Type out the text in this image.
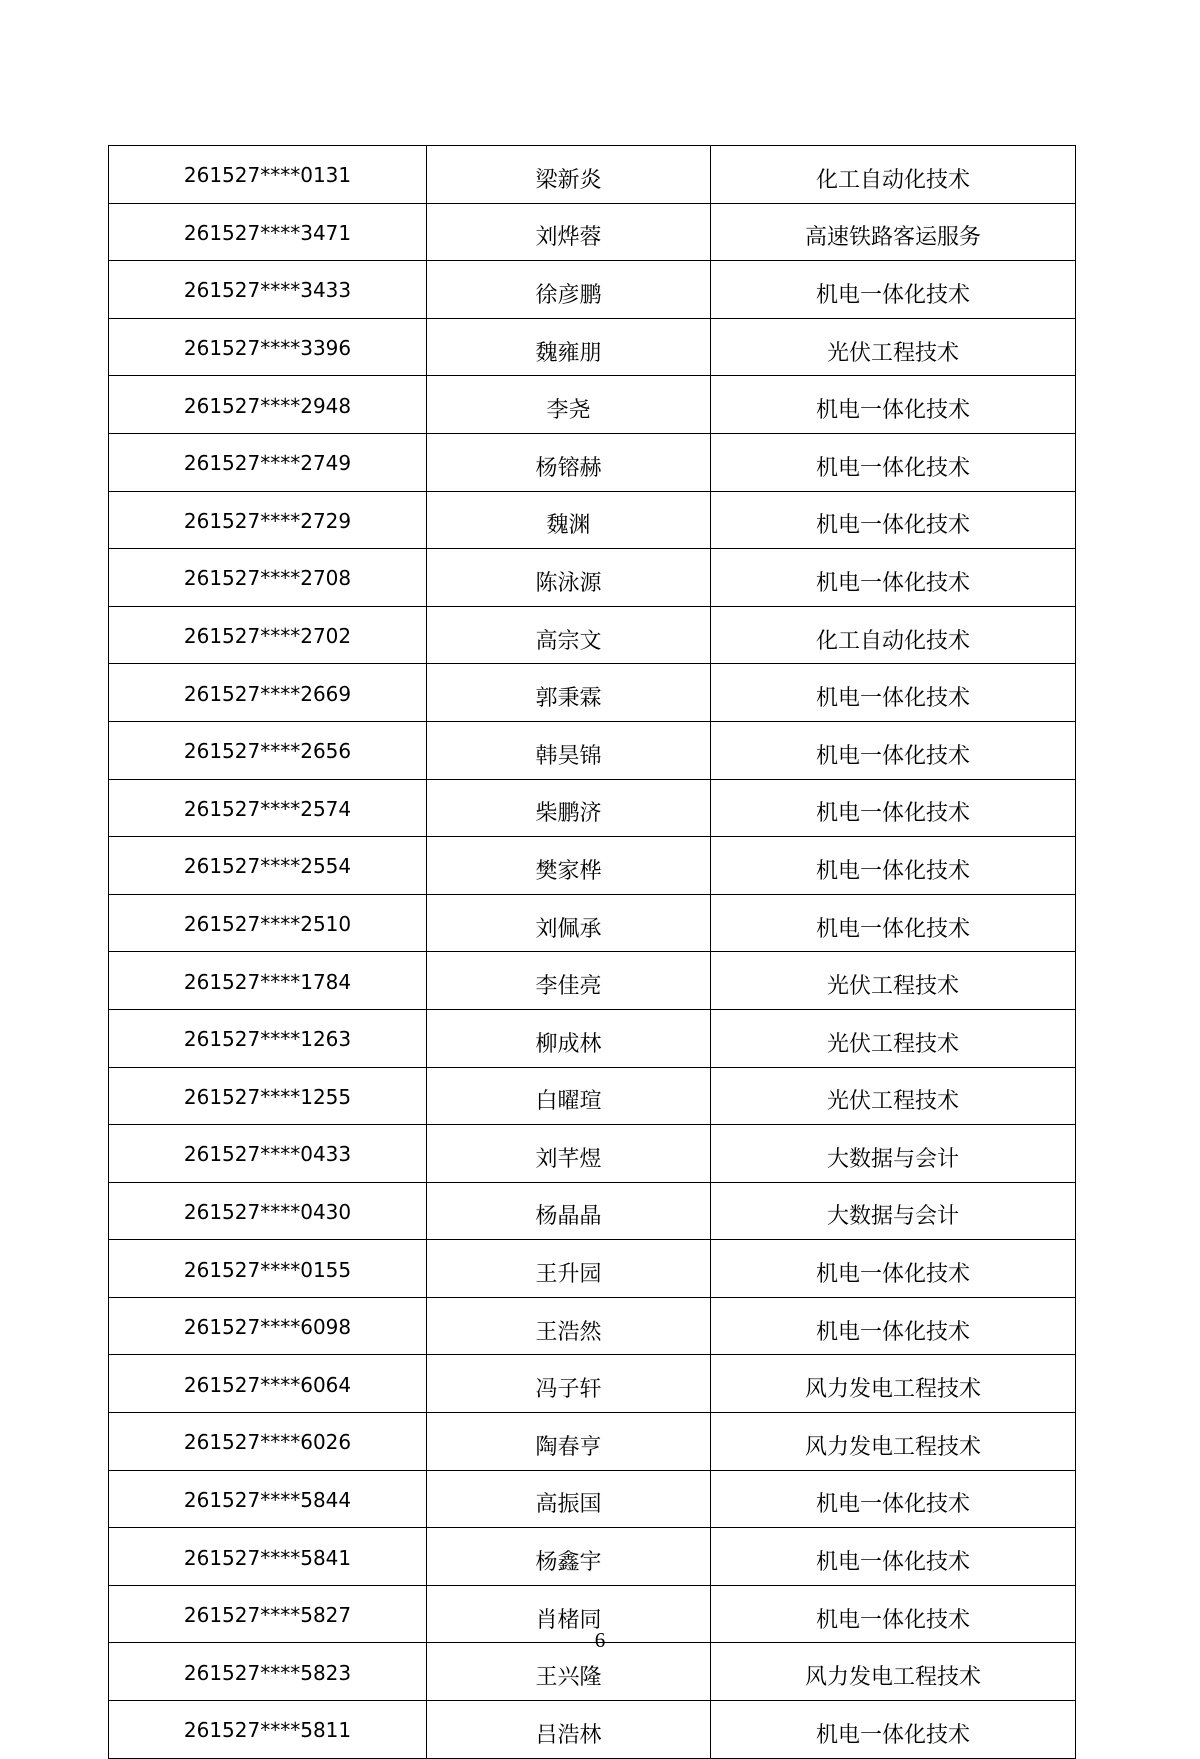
261527****0131	梁新炎	化工自动化技术
261527****3471	刘烨蓉	高速铁路客运服务
261527****3433	徐彦鹏	机电一体化技术
261527****3396	魏雍朋	光伏工程技术
261527****2948	李尧	机电一体化技术
261527****2749	杨镕赫	机电一体化技术
261527****2729	魏渊	机电一体化技术
261527****2708	陈泳源	机电一体化技术
261527****2702	高宗文	化工自动化技术
261527****2669	郭秉霖	机电一体化技术
261527****2656	韩昊锦	机电一体化技术
261527****2574	柴鹏济	机电一体化技术
261527****2554	樊家桦	机电一体化技术
261527****2510	刘佩承	机电一体化技术
261527****1784	李佳亮	光伏工程技术
261527****1263	柳成林	光伏工程技术
261527****1255	白曜瑄	光伏工程技术
261527****0433	刘芊煜	大数据与会计
261527****0430	杨晶晶	大数据与会计
261527****0155	王升园	机电一体化技术
261527****6098	王浩然	机电一体化技术
261527****6064	冯子轩	风力发电工程技术
261527****6026	陶春亨	风力发电工程技术
261527****5844	高振国	机电一体化技术
261527****5841	杨鑫宇	机电一体化技术
261527****5827	肖楮同	机电一体化技术
261527****5823	王兴隆	风力发电工程技术
261527****5811	吕浩林	机电一体化技术
6
